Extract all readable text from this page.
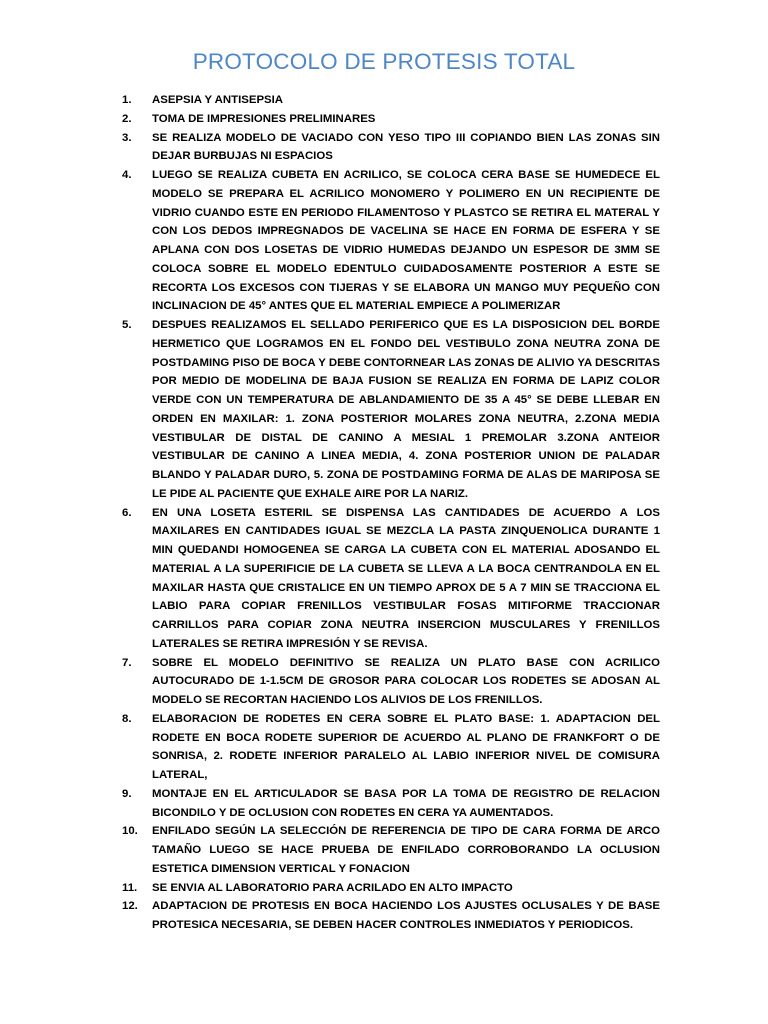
PROTOCOLO DE PROTESIS TOTAL
1.	ASEPSIA Y ANTISEPSIA
2.	TOMA DE IMPRESIONES PRELIMINARES
3.	SE REALIZA MODELO DE VACIADO CON YESO TIPO III COPIANDO BIEN LAS ZONAS SIN DEJAR BURBUJAS NI ESPACIOS
4.	LUEGO SE REALIZA CUBETA EN ACRILICO, SE COLOCA CERA BASE SE HUMEDECE EL MODELO SE PREPARA EL ACRILICO MONOMERO Y POLIMERO EN UN RECIPIENTE DE VIDRIO CUANDO ESTE EN PERIODO FILAMENTOSO Y PLASTCO SE RETIRA EL MATERAL Y CON LOS DEDOS IMPREGNADOS DE VACELINA SE HACE EN FORMA DE ESFERA Y SE APLANA CON DOS LOSETAS DE VIDRIO HUMEDAS DEJANDO UN ESPESOR DE 3MM SE COLOCA SOBRE EL MODELO EDENTULO CUIDADOSAMENTE POSTERIOR A ESTE SE RECORTA LOS EXCESOS CON TIJERAS Y SE ELABORA UN MANGO MUY PEQUEÑO CON INCLINACION DE 45° ANTES QUE EL MATERIAL EMPIECE A POLIMERIZAR
5.	DESPUES REALIZAMOS EL SELLADO PERIFERICO QUE ES LA DISPOSICION DEL BORDE HERMETICO QUE LOGRAMOS EN EL FONDO DEL VESTIBULO ZONA NEUTRA ZONA DE POSTDAMING PISO DE BOCA Y DEBE CONTORNEAR LAS ZONAS DE ALIVIO YA DESCRITAS POR MEDIO DE MODELINA DE BAJA FUSION SE REALIZA EN FORMA DE LAPIZ COLOR VERDE CON UN TEMPERATURA DE ABLANDAMIENTO DE 35 A 45° SE DEBE LLEBAR EN ORDEN EN MAXILAR: 1. ZONA POSTERIOR MOLARES ZONA NEUTRA, 2.ZONA MEDIA VESTIBULAR DE DISTAL DE CANINO A MESIAL 1 PREMOLAR 3.ZONA ANTEIOR VESTIBULAR DE CANINO A LINEA MEDIA, 4. ZONA POSTERIOR UNION DE PALADAR BLANDO Y PALADAR DURO, 5. ZONA DE POSTDAMING FORMA DE ALAS DE MARIPOSA SE LE PIDE AL PACIENTE QUE EXHALE AIRE POR LA NARIZ.
6.	EN UNA LOSETA ESTERIL SE DISPENSA LAS CANTIDADES DE ACUERDO A LOS MAXILARES EN CANTIDADES IGUAL SE MEZCLA LA PASTA ZINQUENOLICA DURANTE 1 MIN QUEDANDI HOMOGENEA SE CARGA LA CUBETA CON EL MATERIAL ADOSANDO EL MATERIAL A LA SUPERIFICIE DE LA CUBETA SE LLEVA A LA BOCA CENTRANDOLA EN EL MAXILAR HASTA QUE CRISTALICE EN UN TIEMPO APROX DE 5 A 7 MIN SE TRACCIONA EL LABIO PARA COPIAR FRENILLOS VESTIBULAR FOSAS MITIFORME TRACCIONAR CARRILLOS PARA COPIAR ZONA NEUTRA INSERCION MUSCULARES Y FRENILLOS LATERALES SE RETIRA IMPRESIÓN Y SE REVISA.
7.	SOBRE EL MODELO DEFINITIVO SE REALIZA UN PLATO BASE CON ACRILICO AUTOCURADO DE 1-1.5CM DE GROSOR PARA COLOCAR LOS RODETES SE ADOSAN AL MODELO SE RECORTAN HACIENDO LOS ALIVIOS DE LOS FRENILLOS.
8.	ELABORACION DE RODETES EN CERA SOBRE EL PLATO BASE: 1. ADAPTACION DEL RODETE EN BOCA RODETE SUPERIOR DE ACUERDO AL PLANO DE FRANKFORT O DE SONRISA, 2. RODETE INFERIOR PARALELO AL LABIO INFERIOR NIVEL DE COMISURA LATERAL,
9.	MONTAJE EN EL ARTICULADOR SE BASA POR LA TOMA DE REGISTRO DE RELACION BICONDILO Y DE OCLUSION CON RODETES EN CERA YA AUMENTADOS.
10.	ENFILADO SEGÚN LA SELECCIÓN DE REFERENCIA DE TIPO DE CARA FORMA DE ARCO TAMAÑO LUEGO SE HACE PRUEBA DE ENFILADO CORROBORANDO LA OCLUSION ESTETICA DIMENSION VERTICAL Y FONACION
11.	SE ENVIA AL LABORATORIO PARA ACRILADO EN ALTO IMPACTO
12.	ADAPTACION DE PROTESIS EN BOCA HACIENDO LOS AJUSTES OCLUSALES Y DE BASE PROTESICA NECESARIA, SE DEBEN HACER CONTROLES INMEDIATOS Y PERIODICOS.
